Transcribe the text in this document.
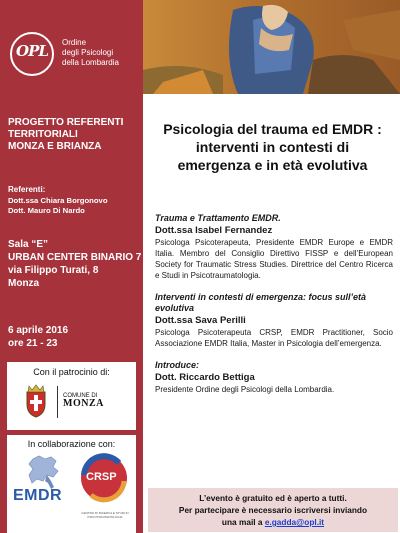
OPL	Ordine
degli Psicologi
della Lombardia
PROGETTO REFERENTI
TERRITORIALI
MONZA E BRIANZA
Referenti:
Dott.ssa Chiara Borgonovo
Dott. Mauro Di Nardo
Sala “E”
URBAN CENTER BINARIO 7
via Filippo Turati, 8
Monza
6 aprile 2016
ore 21 - 23
Con il patrocinio di:
COMUNE DI
MONZA
In collaborazione con:
EMDR
CRSP
CENTRO DI RICERCA E STUDI IN PSICOTRAUMATOLOGIA
Psicologia del trauma ed EMDR :
interventi in contesti di
emergenza e in età evolutiva
Trauma e Trattamento EMDR.
Dott.ssa Isabel Fernandez
Psicologa Psicoterapeuta, Presidente EMDR Europe e EMDR Italia. Membro del Consiglio Direttivo FISSP e dell’European Society for Traumatic Stress Studies. Direttrice del Centro Ricerca e Studi in Psicotraumatologia.
Interventi in contesti di emergenza: focus sull’età evolutiva
Dott.ssa Sava Perilli
Psicologa Psicoterapeuta CRSP, EMDR Practitioner, Socio Associazione EMDR Italia, Master in Psicologia dell’emergenza.
Introduce:
Dott. Riccardo Bettiga
Presidente Ordine degli Psicologi della Lombardia.
L’evento è gratuito ed è aperto a tutti.
Per partecipare è necessario iscriversi inviando
una mail a e.gadda@opl.it
